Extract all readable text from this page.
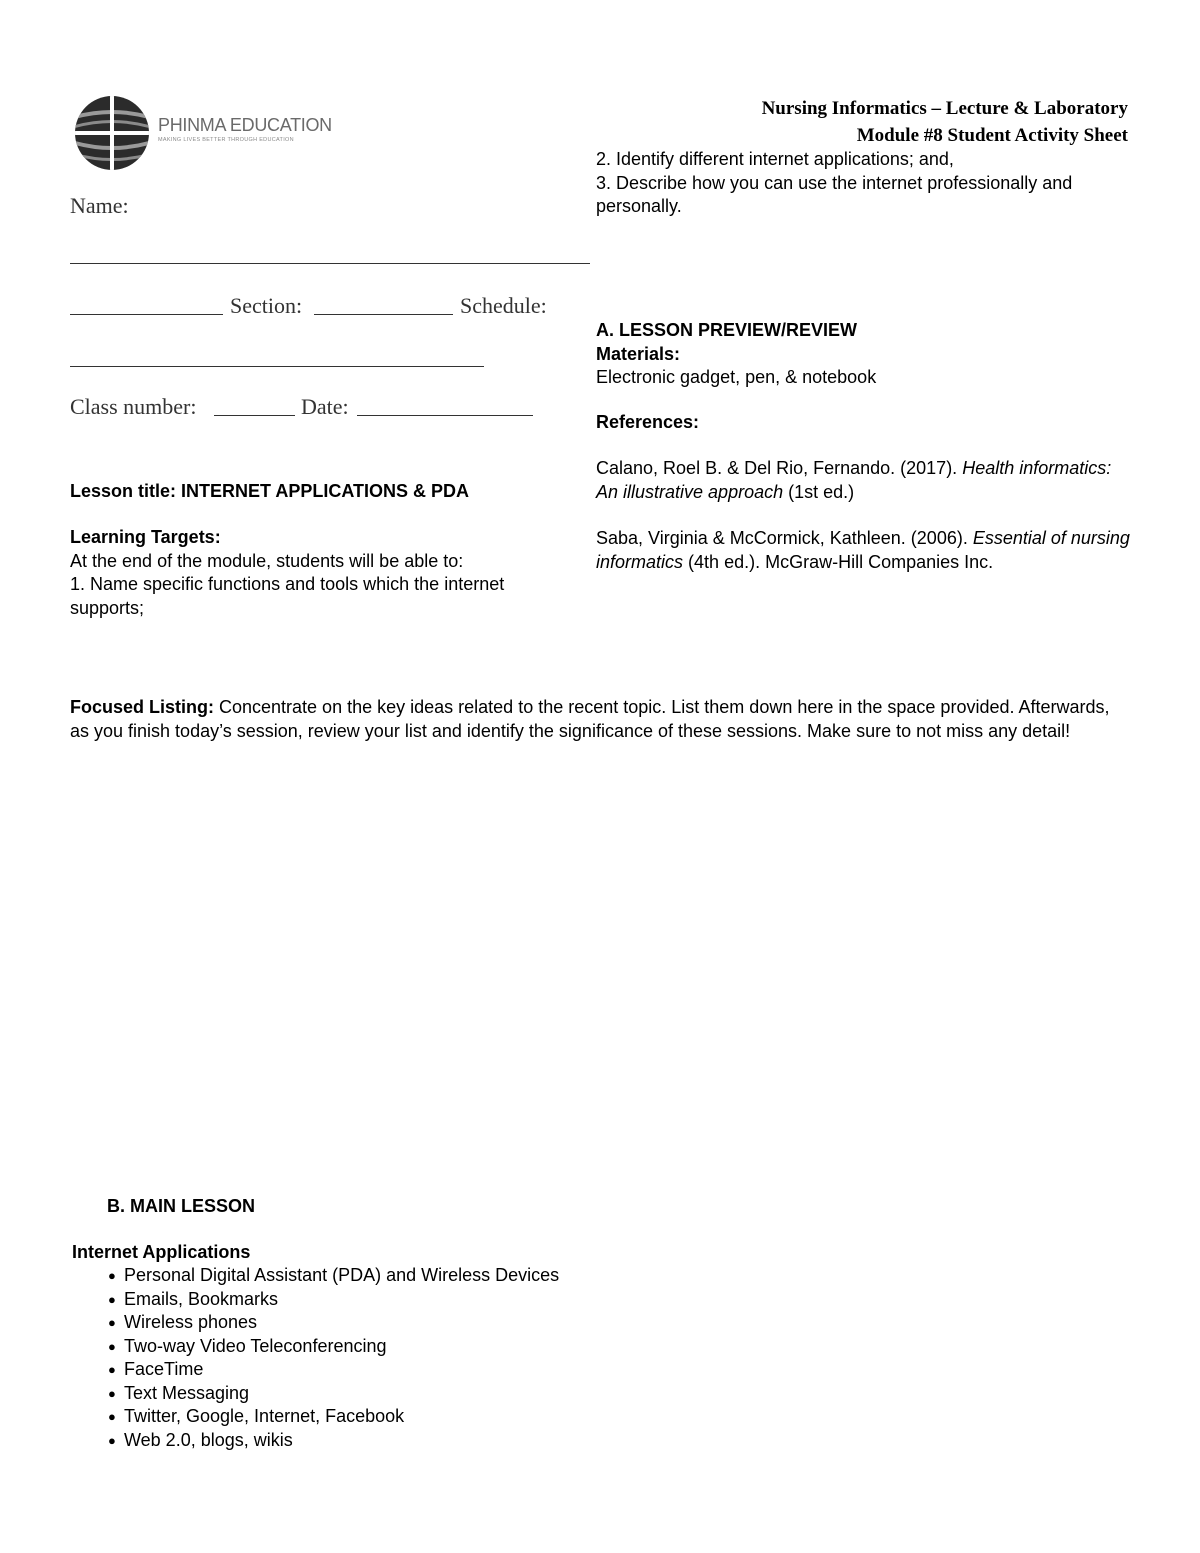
PHINMA EDUCATION
MAKING LIVES BETTER THROUGH EDUCATION
Nursing Informatics – Lecture & Laboratory
Module #8 Student Activity Sheet
Name:
Section:	Schedule:
Class number:	Date:
Lesson title: INTERNET APPLICATIONS & PDA
Learning Targets:
At the end of the module, students will be able to:
1. Name specific functions and tools which the internet supports;
2. Identify different internet applications; and,
3. Describe how you can use the internet professionally and personally.
A. LESSON PREVIEW/REVIEW
Materials:
Electronic gadget, pen, & notebook
References:
Calano, Roel B. & Del Rio, Fernando. (2017). Health informatics: An illustrative approach (1st ed.)
Saba, Virginia & McCormick, Kathleen. (2006). Essential of nursing informatics (4th ed.). McGraw-Hill Companies Inc.
Focused Listing: Concentrate on the key ideas related to the recent topic. List them down here in the space provided. Afterwards, as you finish today’s session, review your list and identify the significance of these sessions. Make sure to not miss any detail!
B. MAIN LESSON
Internet Applications
● Personal Digital Assistant (PDA) and Wireless Devices
● Emails, Bookmarks
● Wireless phones
● Two-way Video Teleconferencing
● FaceTime
● Text Messaging
● Twitter, Google, Internet, Facebook
● Web 2.0, blogs, wikis
